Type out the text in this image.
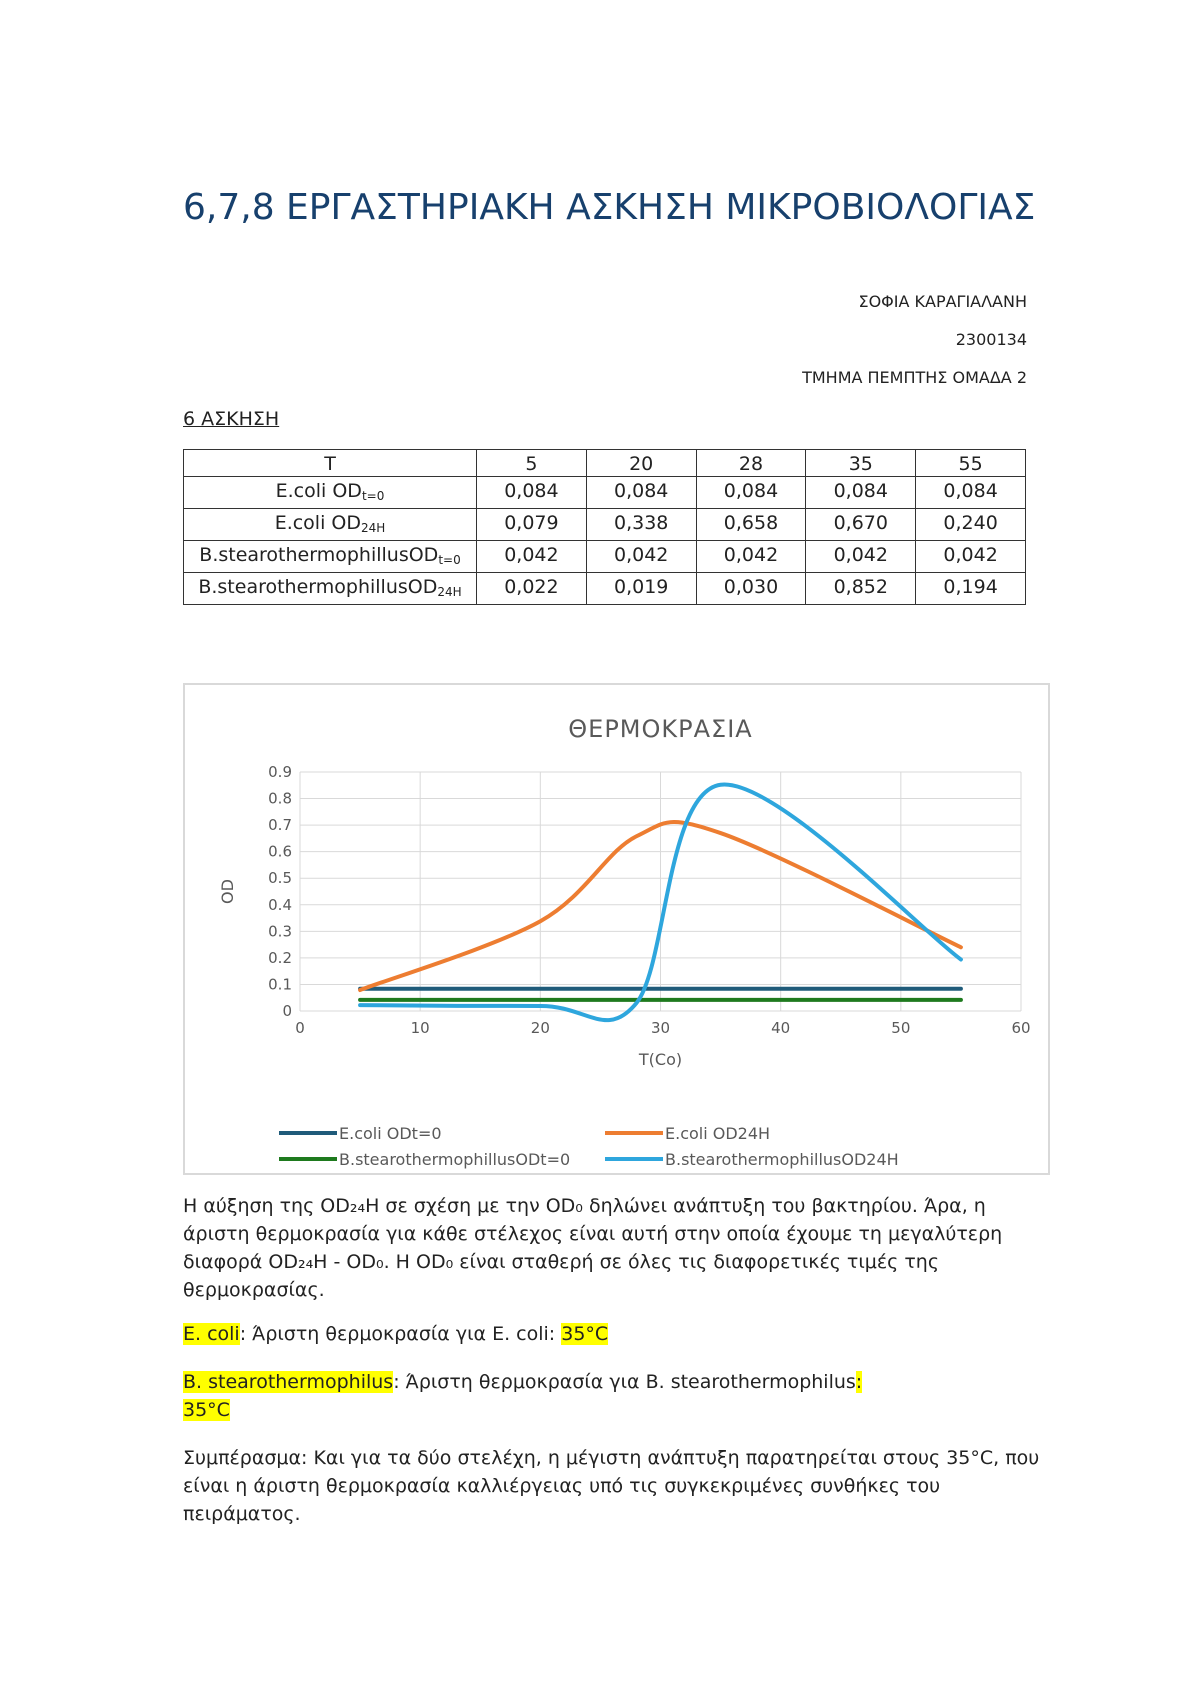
6,7,8 ΕΡΓΑΣΤΗΡΙΑΚΗ ΑΣΚΗΣΗ ΜΙΚΡΟΒΙΟΛΟΓΙΑΣ
ΣΟΦΙΑ ΚΑΡΑΓΙΑΛΑΝΗ
2300134
ΤΜΗΜΑ ΠΕΜΠΤΗΣ ΟΜΑΔΑ 2
6 ΑΣΚΗΣΗ
T	5	20	28	35	55
E.coli $OD_{t=0}$	0,084	0,084	0,084	0,084	0,084
E.coli $OD_{24H}$	0,079	0,338	0,658	0,670	0,240
B.stearothermophillusOD$_{t=0}$	0,042	0,042	0,042	0,042	0,042
B.stearothermophillusOD$_{24H}$	0,022	0,019	0,030	0,852	0,194
ΘΕΡΜΟΚΡΑΣΙΑ
0
0.1
0.2
0.3
0.4
0.5
0.6
0.7
0.8
0.9
0	10	20	30	40	50	60
T(Co)
OD
E.coli ODt=0	E.coli OD24H
B.stearothermophillusODt=0	B.stearothermophillusOD24H

Η αύξηση της OD₂₄H σε σχέση με την OD₀ δηλώνει ανάπτυξη του βακτηρίου. Άρα, η άριστη θερμοκρασία για κάθε στέλεχος είναι αυτή στην οποία έχουμε τη μεγαλύτερη διαφορά OD₂₄H - OD₀. Η OD₀ είναι σταθερή σε όλες τις διαφορετικές τιμές της θερμοκρασίας.

E. coli: Άριστη θερμοκρασία για E. coli: 35°C

B. stearothermophilus: Άριστη θερμοκρασία για B. stearothermophilus:
35°C

Συμπέρασμα: Και για τα δύο στελέχη, η μέγιστη ανάπτυξη παρατηρείται στους 35°C, που είναι η άριστη θερμοκρασία καλλιέργειας υπό τις συγκεκριμένες συνθήκες του πειράματος.
